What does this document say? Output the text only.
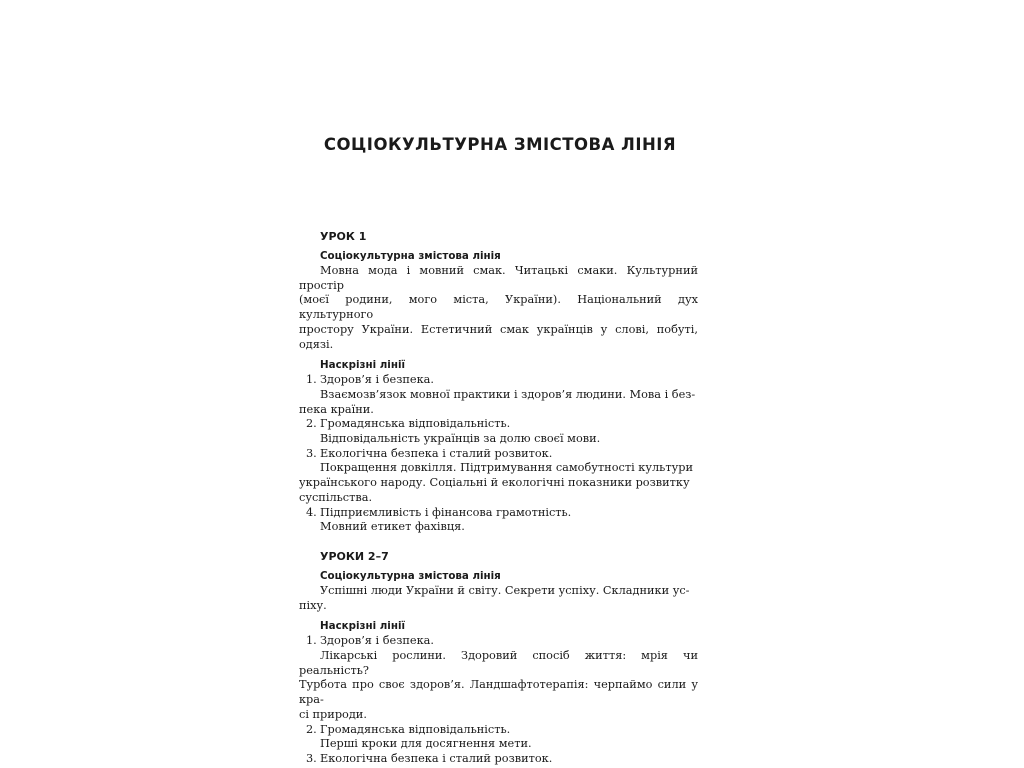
СОЦІОКУЛЬТУРНА ЗМІСТОВА ЛІНІЯ
УРОК 1
Соціокультурна змістова лінія

Мовна мода і мовний смак. Читацькі смаки. Культурний простір

(моєї родини, мого міста, України). Національний дух культурного

простору України. Естетичний смак українців у слові, побуті, одязі.

Наскрізні лінії
1. Здоров’я і безпека.

Взаємозв’язок мовної практики і здоров’я людини. Мова і без-

пека країни.

2. Громадянська відповідальність.

Відповідальність українців за долю своєї мови.

3. Екологічна безпека і сталий розвиток.

Покращення довкілля. Підтримування самобутності культури

українського народу. Соціальні й екологічні показники розвитку

суспільства.

4. Підприємливість і фінансова грамотність.

Мовний етикет фахівця.

УРОКИ 2–7
Соціокультурна змістова лінія

Успішні люди України й світу. Секрети успіху. Складники ус-

піху.

Наскрізні лінії
1. Здоров’я і безпека.

Лікарські рослини. Здоровий спосіб життя: мрія чи реальність?

Турбота про своє здоров’я. Ландшафтотерапія: черпаймо сили у кра-

сі природи.

2. Громадянська відповідальність.

Перші кроки для досягнення мети.

3. Екологічна безпека і сталий розвиток.
